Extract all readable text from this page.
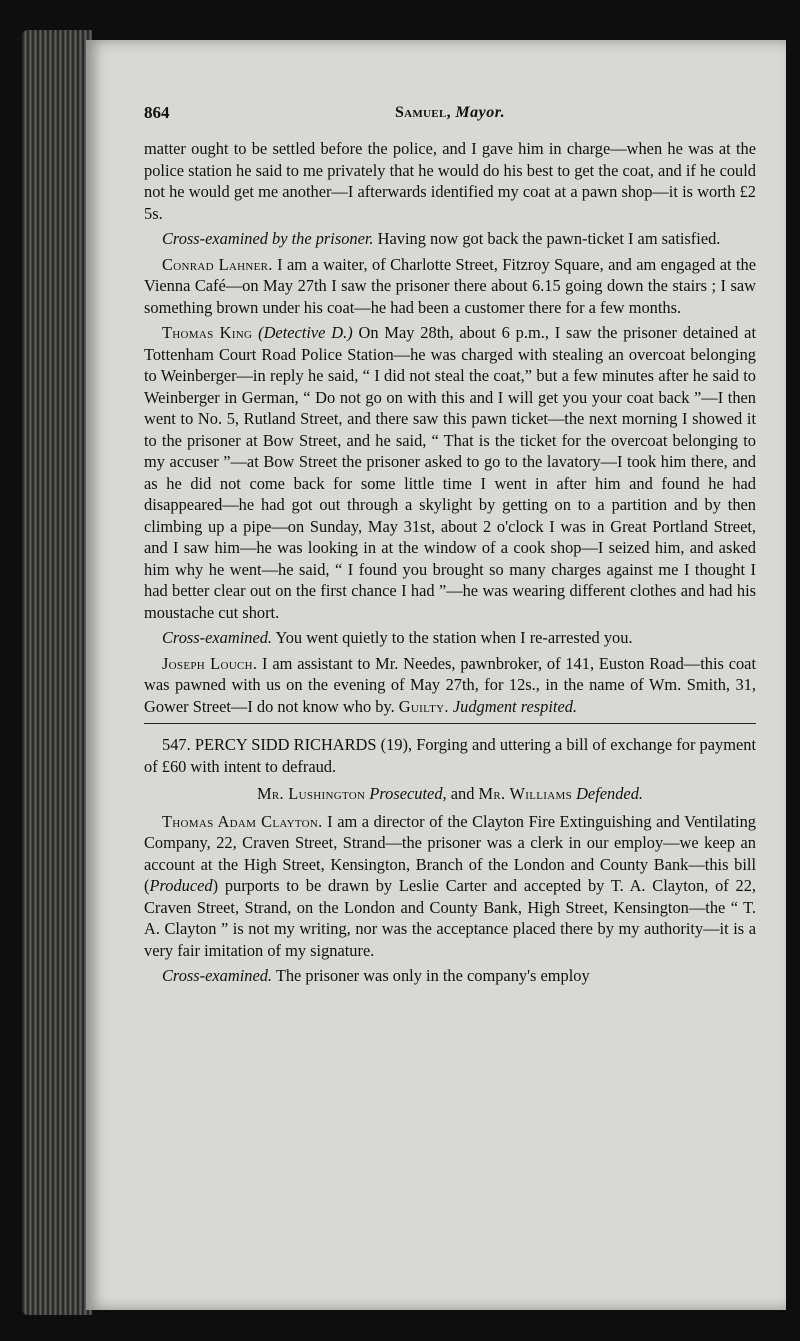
864	Samuel, Mayor.

matter ought to be settled before the police, and I gave him in charge—when he was at the police station he said to me privately that he would do his best to get the coat, and if he could not he would get me another—I afterwards identified my coat at a pawn shop—it is worth £2 5s.

Cross-examined by the prisoner. Having now got back the pawn-ticket I am satisfied.

Conrad Lahner. I am a waiter, of Charlotte Street, Fitzroy Square, and am engaged at the Vienna Café—on May 27th I saw the prisoner there about 6.15 going down the stairs ; I saw something brown under his coat—he had been a customer there for a few months.

Thomas King (Detective D.) On May 28th, about 6 p.m., I saw the prisoner detained at Tottenham Court Road Police Station—he was charged with stealing an overcoat belonging to Weinberger—in reply he said, “ I did not steal the coat,” but a few minutes after he said to Weinberger in German, “ Do not go on with this and I will get you your coat back ”—I then went to No. 5, Rutland Street, and there saw this pawn ticket—the next morning I showed it to the prisoner at Bow Street, and he said, “ That is the ticket for the overcoat belonging to my accuser ”—at Bow Street the prisoner asked to go to the lavatory—I took him there, and as he did not come back for some little time I went in after him and found he had disappeared—he had got out through a skylight by getting on to a partition and by then climbing up a pipe—on Sunday, May 31st, about 2 o'clock I was in Great Portland Street, and I saw him—he was looking in at the window of a cook shop—I seized him, and asked him why he went—he said, “ I found you brought so many charges against me I thought I had better clear out on the first chance I had ”—he was wearing different clothes and had his moustache cut short.

Cross-examined. You went quietly to the station when I re-arrested you.

Joseph Louch. I am assistant to Mr. Needes, pawnbroker, of 141, Euston Road—this coat was pawned with us on the evening of May 27th, for 12s., in the name of Wm. Smith, 31, Gower Street—I do not know who by. Guilty. Judgment respited.

547. PERCY SIDD RICHARDS (19), Forging and uttering a bill of exchange for payment of £60 with intent to defraud.

Mr. Lushington Prosecuted, and Mr. Williams Defended.

Thomas Adam Clayton. I am a director of the Clayton Fire Extinguishing and Ventilating Company, 22, Craven Street, Strand—the prisoner was a clerk in our employ—we keep an account at the High Street, Kensington, Branch of the London and County Bank—this bill (Produced) purports to be drawn by Leslie Carter and accepted by T. A. Clayton, of 22, Craven Street, Strand, on the London and County Bank, High Street, Kensington—the “ T. A. Clayton ” is not my writing, nor was the acceptance placed there by my authority—it is a very fair imitation of my signature.

Cross-examined. The prisoner was only in the company's employ
